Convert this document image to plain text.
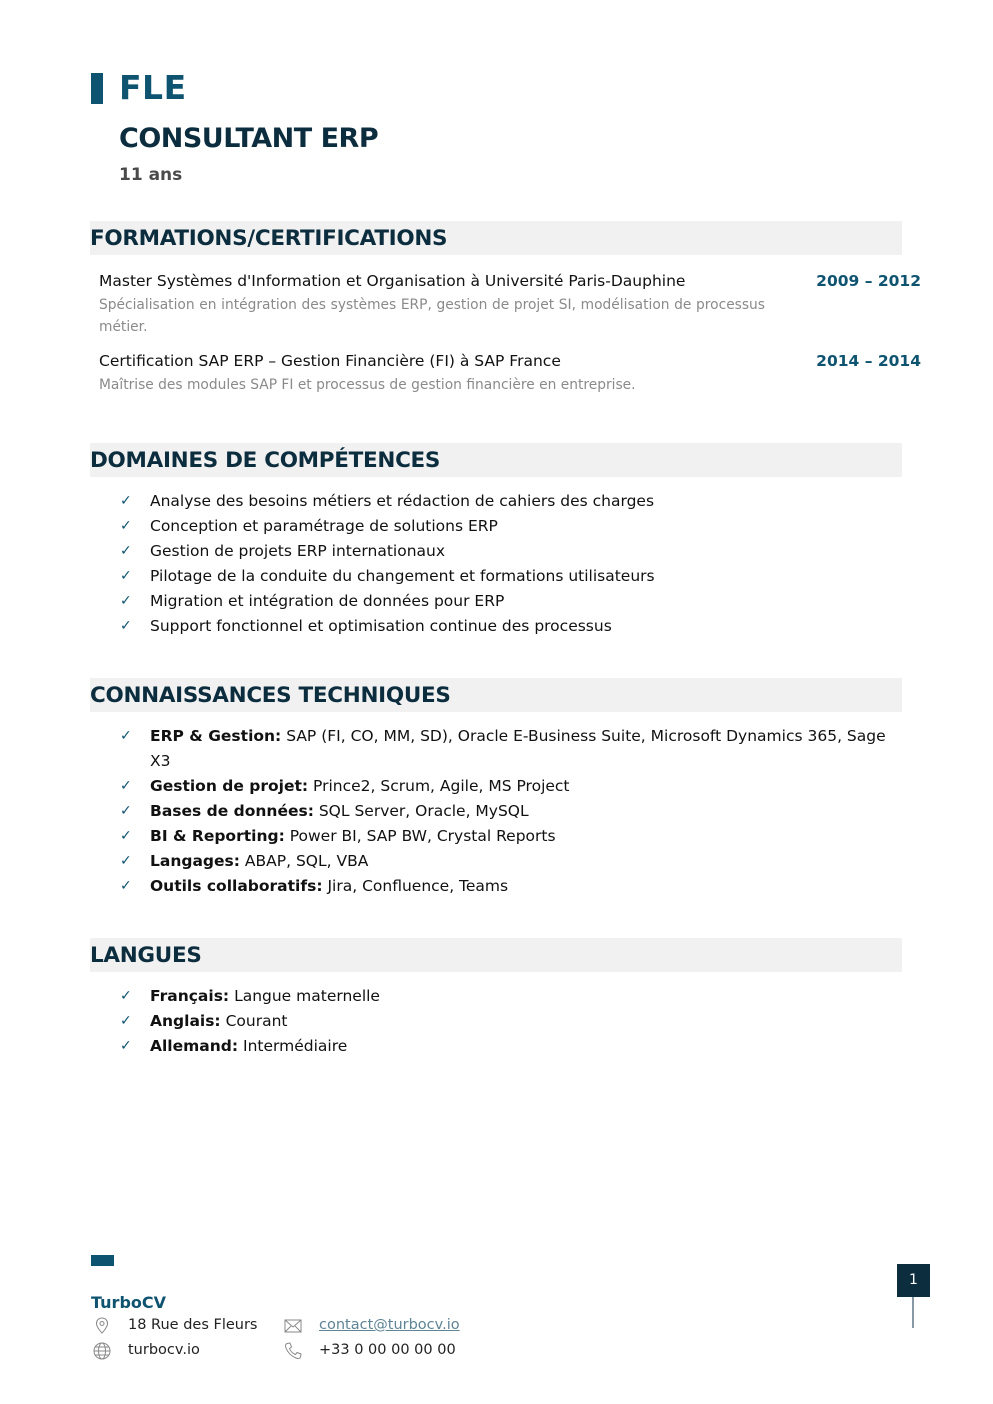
FLE
CONSULTANT ERP
11 ans
FORMATIONS/CERTIFICATIONS
Master Systèmes d'Information et Organisation à Université Paris-Dauphine	2009 – 2012
Spécialisation en intégration des systèmes ERP, gestion de projet SI, modélisation de processus métier.
Certification SAP ERP – Gestion Financière (FI) à SAP France	2014 – 2014
Maîtrise des modules SAP FI et processus de gestion financière en entreprise.
DOMAINES DE COMPÉTENCES
✓ Analyse des besoins métiers et rédaction de cahiers des charges
✓ Conception et paramétrage de solutions ERP
✓ Gestion de projets ERP internationaux
✓ Pilotage de la conduite du changement et formations utilisateurs
✓ Migration et intégration de données pour ERP
✓ Support fonctionnel et optimisation continue des processus
CONNAISSANCES TECHNIQUES
✓ ERP & Gestion: SAP (FI, CO, MM, SD), Oracle E-Business Suite, Microsoft Dynamics 365, Sage X3
✓ Gestion de projet: Prince2, Scrum, Agile, MS Project
✓ Bases de données: SQL Server, Oracle, MySQL
✓ BI & Reporting: Power BI, SAP BW, Crystal Reports
✓ Langages: ABAP, SQL, VBA
✓ Outils collaboratifs: Jira, Confluence, Teams
LANGUES
✓ Français: Langue maternelle
✓ Anglais: Courant
✓ Allemand: Intermédiaire
TurboCV
18 Rue des Fleurs
turbocv.io
contact@turbocv.io
+33 0 00 00 00 00
1
